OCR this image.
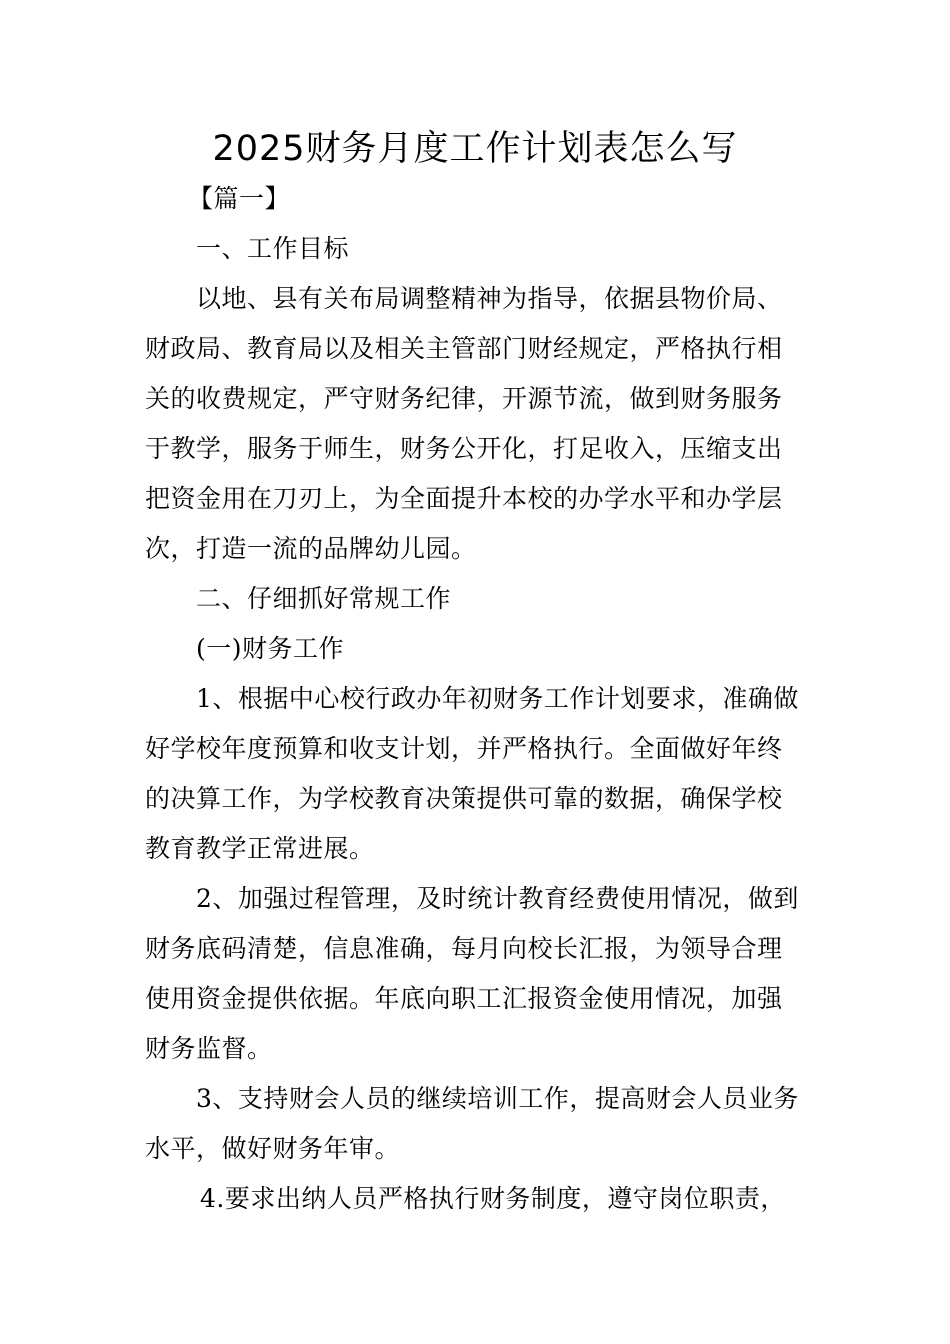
2025财务月度工作计划表怎么写

【篇一】

一、工作目标

以地、县有关布局调整精神为指导，依据县物价局、

财政局、教育局以及相关主管部门财经规定，严格执行相

关的收费规定，严守财务纪律，开源节流，做到财务服务

于教学，服务于师生，财务公开化，打足收入，压缩支出

把资金用在刀刃上，为全面提升本校的办学水平和办学层

次，打造一流的品牌幼儿园。

二、仔细抓好常规工作

(一)财务工作

1、根据中心校行政办年初财务工作计划要求，准确做

好学校年度预算和收支计划，并严格执行。全面做好年终

的决算工作，为学校教育决策提供可靠的数据，确保学校

教育教学正常进展。

2、加强过程管理，及时统计教育经费使用情况，做到

财务底码清楚，信息准确，每月向校长汇报，为领导合理

使用资金提供依据。年底向职工汇报资金使用情况，加强

财务监督。

3、支持财会人员的继续培训工作，提高财会人员业务

水平，做好财务年审。

4.要求出纳人员严格执行财务制度，遵守岗位职责，
